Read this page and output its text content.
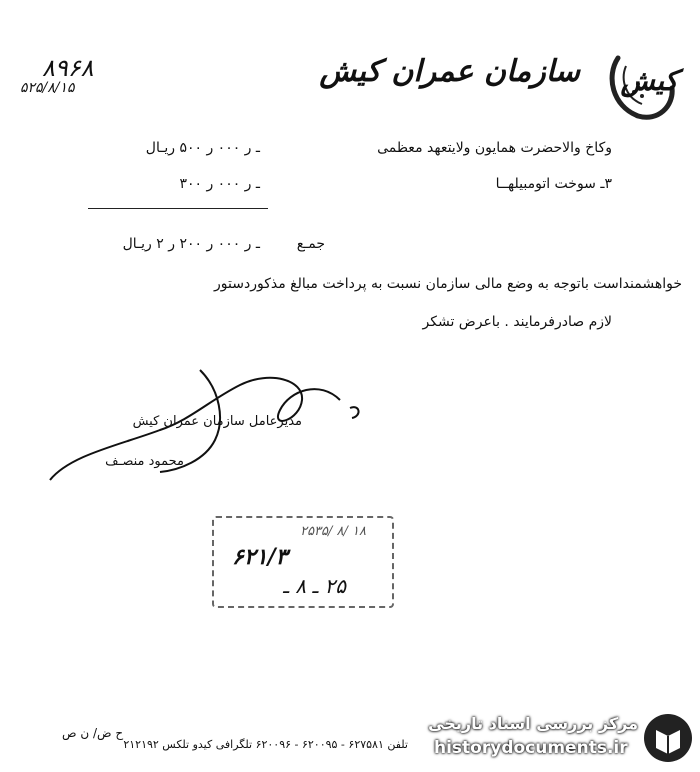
کیش
سازمان عمران کیش
۸۹۶۸
۵۲۵/۸/۱۵
وکاخ والاحضرت همایون ولایتعهد معظمی
ـ ر ۰۰۰ ر ۵۰۰ ریـال
۳ـ سوخت اتومبیلهــا
ـ ر ۰۰۰ ر ۳۰۰
جمـع
ـ ر ۰۰۰ ر ۲۰۰ ر ۲ ریـال
خواهشمنداست باتوجه به وضع مالی سازمان نسبت به پرداخت مبالغ مذکوردستور
لازم صادرفرمایند . باعرض تشکر
مدیرعامل سازمان عمران کیش
محمود منصـف
۲۵۳۵/ ۸/ ۱۸
۶۲۱/۳
۲۵ ـ ۸ ـ
ح ض/ ن ص
تلفن ۶۲۷۵۸۱ - ۶۲۰۰۹۵ - ۶۲۰۰۹۶ تلگرافی کیدو تلکس ۲۱۲۱۹۲
مرکز بررسی اسناد تاریخی
historydocuments.ir
